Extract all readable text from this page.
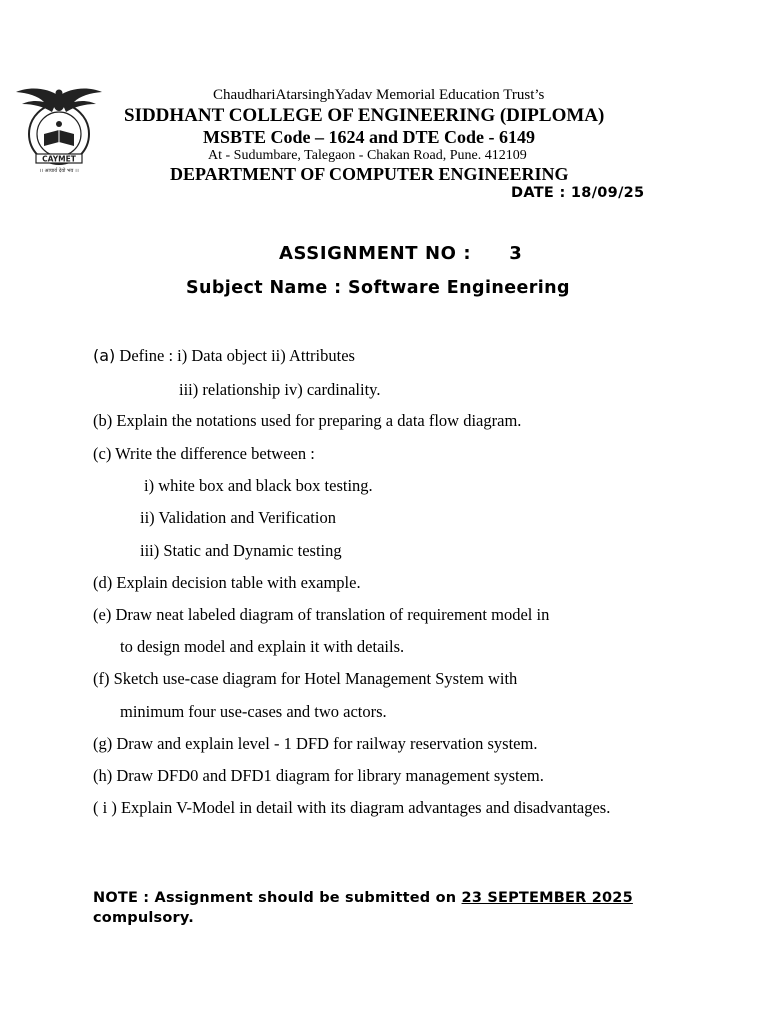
CAYMET
।। आचार्य देवो भव ।।
ChaudhariAtarsinghYadav Memorial Education Trust’s
SIDDHANT COLLEGE OF ENGINEERING (DIPLOMA)
MSBTE Code – 1624 and DTE Code - 6149
At - Sudumbare, Talegaon - Chakan Road, Pune. 412109
DEPARTMENT OF COMPUTER ENGINEERING
DATE : 18/09/25
ASSIGNMENT NO : 3
Subject Name : Software Engineering
(a) Define : i) Data object ii) Attributes
iii) relationship iv) cardinality.
(b) Explain the notations used for preparing a data flow diagram.
(c) Write the difference between :
i) white box and black box testing.
ii) Validation and Verification
iii) Static and Dynamic testing
(d) Explain decision table with example.
(e) Draw neat labeled diagram of translation of requirement model in
to design model and explain it with details.
(f) Sketch use-case diagram for Hotel Management System with
minimum four use-cases and two actors.
(g) Draw and explain level - 1 DFD for railway reservation system.
(h) Draw DFD0 and DFD1 diagram for library management system.
( i ) Explain V-Model in detail with its diagram advantages and disadvantages.
NOTE : Assignment should be submitted on 23 SEPTEMBER 2025
compulsory.
